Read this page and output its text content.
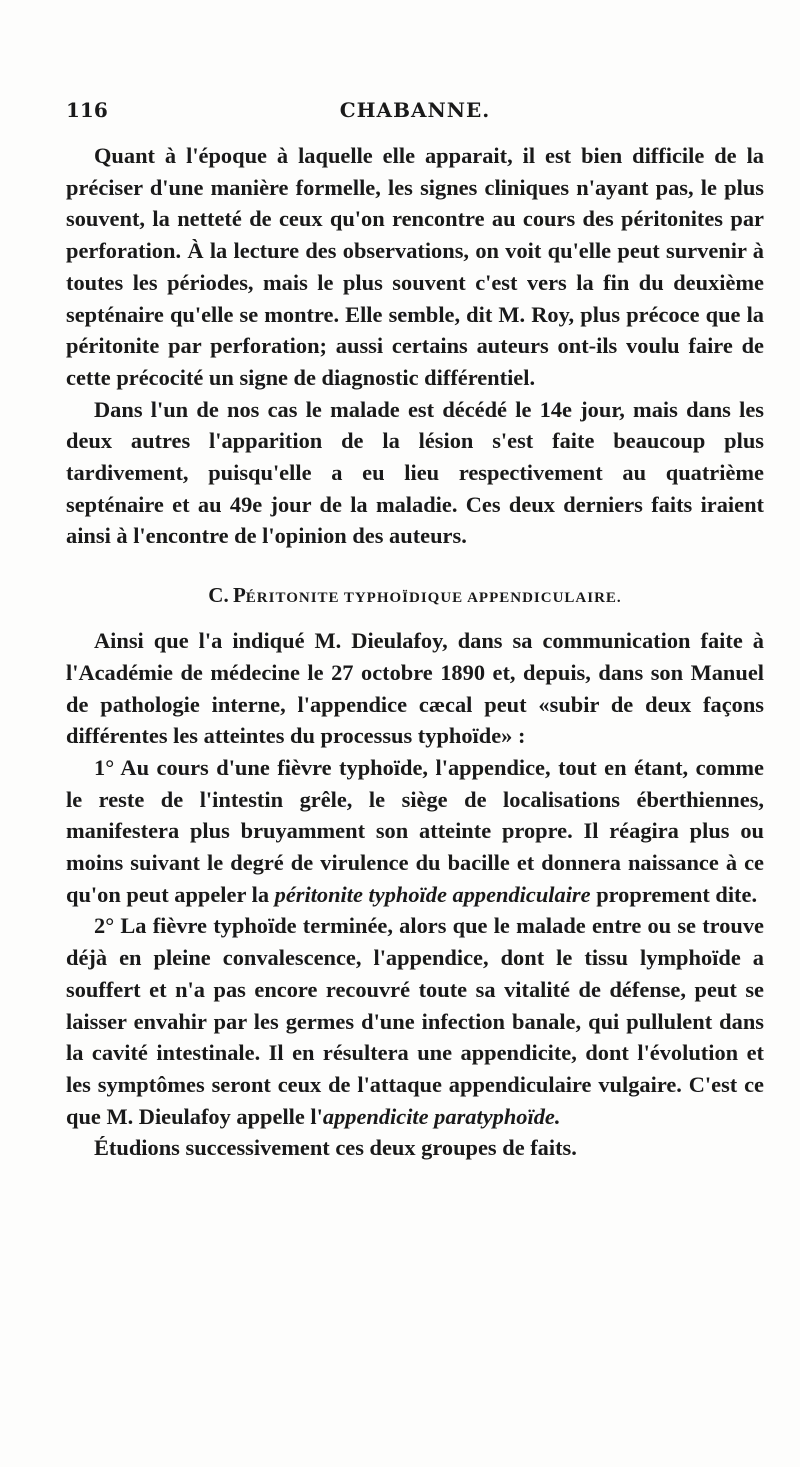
116	CHABANNE.

Quant à l'époque à laquelle elle apparait, il est bien difficile de la préciser d'une manière formelle, les signes cliniques n'ayant pas, le plus souvent, la netteté de ceux qu'on rencontre au cours des péritonites par perforation. À la lecture des observations, on voit qu'elle peut survenir à toutes les périodes, mais le plus souvent c'est vers la fin du deuxième septénaire qu'elle se montre. Elle semble, dit M. Roy, plus précoce que la péritonite par perforation; aussi certains auteurs ont-ils voulu faire de cette précocité un signe de diagnostic différentiel.

Dans l'un de nos cas le malade est décédé le 14e jour, mais dans les deux autres l'apparition de la lésion s'est faite beaucoup plus tardivement, puisqu'elle a eu lieu respectivement au quatrième septénaire et au 49e jour de la maladie. Ces deux derniers faits iraient ainsi à l'encontre de l'opinion des auteurs.

C. PÉRITONITE TYPHOÏDIQUE APPENDICULAIRE.

Ainsi que l'a indiqué M. Dieulafoy, dans sa communication faite à l'Académie de médecine le 27 octobre 1890 et, depuis, dans son Manuel de pathologie interne, l'appendice cæcal peut «subir de deux façons différentes les atteintes du processus typhoïde» :

1° Au cours d'une fièvre typhoïde, l'appendice, tout en étant, comme le reste de l'intestin grêle, le siège de localisations éberthiennes, manifestera plus bruyamment son atteinte propre. Il réagira plus ou moins suivant le degré de virulence du bacille et donnera naissance à ce qu'on peut appeler la péritonite typhoïde appendiculaire proprement dite.

2° La fièvre typhoïde terminée, alors que le malade entre ou se trouve déjà en pleine convalescence, l'appendice, dont le tissu lymphoïde a souffert et n'a pas encore recouvré toute sa vitalité de défense, peut se laisser envahir par les germes d'une infection banale, qui pullulent dans la cavité intestinale. Il en résultera une appendicite, dont l'évolution et les symptômes seront ceux de l'attaque appendiculaire vulgaire. C'est ce que M. Dieulafoy appelle l'appendicite paratyphoïde.

Étudions successivement ces deux groupes de faits.
